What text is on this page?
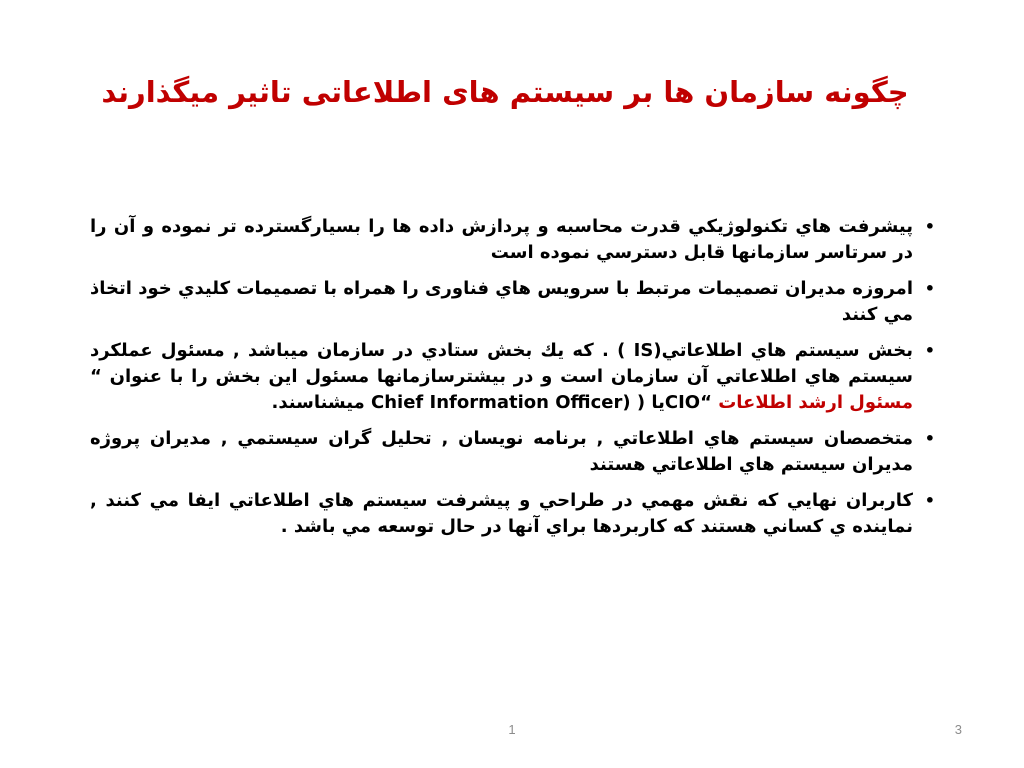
چگونه سازمان ها بر سیستم های اطلاعاتی تاثیر میگذارند
•
پيشرفت هاي تكنولوژيكي قدرت محاسبه و پردازش داده ها را بسيارگسترده تر نموده و آن را در سرتاسر سازمانها قابل دسترسي نموده است
•
امروزه مديران تصميمات مرتبط با سرويس هاي فناوری را همراه با تصميمات كليدي خود اتخاذ مي كنند
•
بخش سيستم هاي اطلاعاتي(IS ) . كه يك بخش ستادي در سازمان ميباشد , مسئول عملكرد سيستم هاي اطلاعاتي آن سازمان است و در بيشترسازمانها مسئول اين بخش را با عنوان “ مسئول ارشد اطلاعات “CIOيا ( Chief Information Officer) ميشناسند.
•
متخصصان سيستم هاي اطلاعاتي , برنامه نويسان , تحليل گران سيستمي , مديران پروژه مديران سيستم هاي اطلاعاتي هستند
•
كاربران نهايي كه نقش مهمي در طراحي و پيشرفت سيستم هاي اطلاعاتي ايفا مي كنند , نماينده ي كساني هستند كه كاربردها براي آنها در حال توسعه مي باشد .
1	3
